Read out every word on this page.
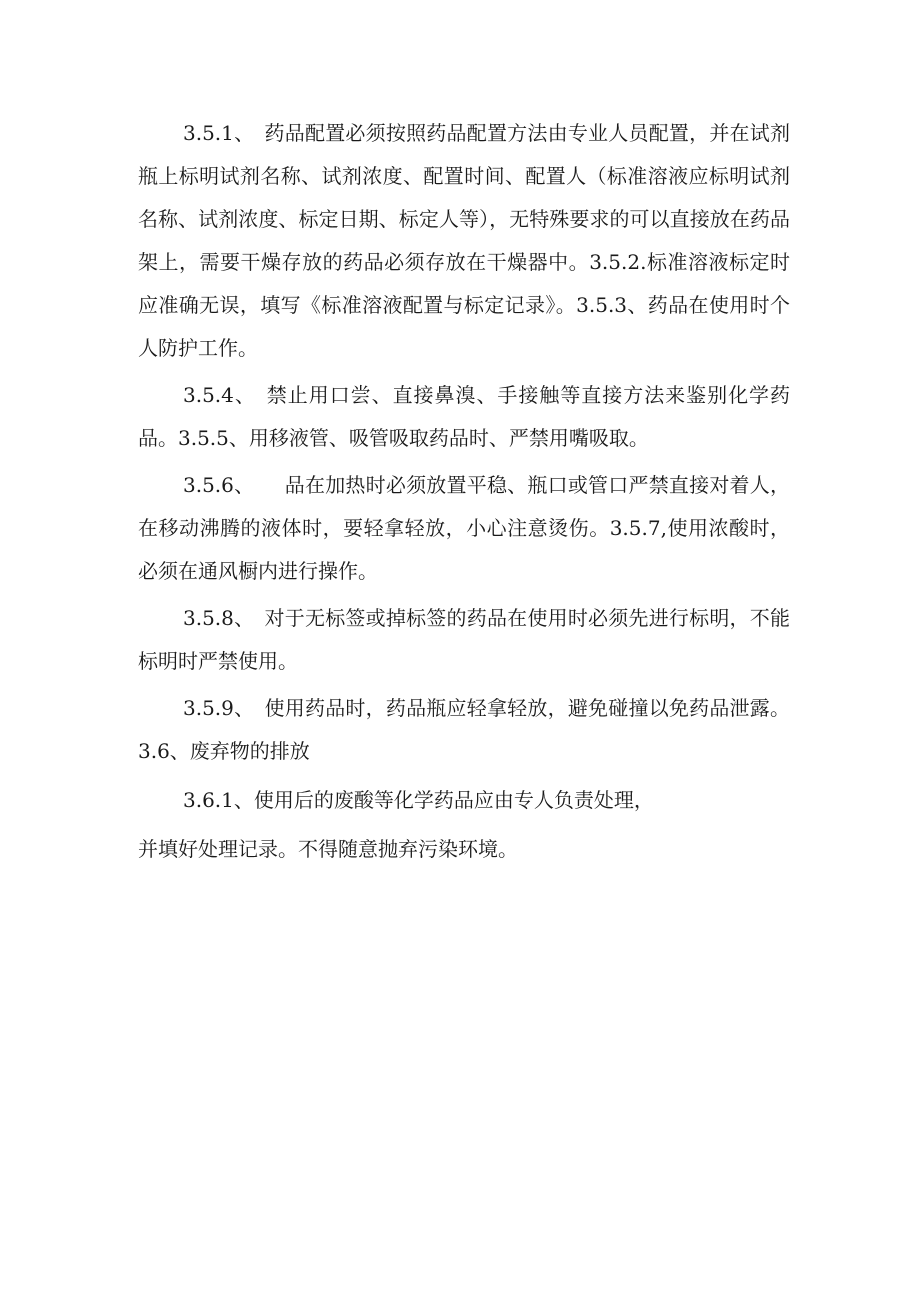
3.5.1、　药品配置必须按照药品配置方法由专业人员配置，并在试剂瓶上标明试剂名称、试剂浓度、配置时间、配置人（标准溶液应标明试剂名称、试剂浓度、标定日期、标定人等），无特殊要求的可以直接放在药品架上，需要干燥存放的药品必须存放在干燥器中。3.5.2.标准溶液标定时应准确无误，填写《标准溶液配置与标定记录》。3.5.3、药品在使用时个人防护工作。

3.5.4、　禁止用口尝、直接鼻溴、手接触等直接方法来鉴别化学药品。3.5.5、用移液管、吸管吸取药品时、严禁用嘴吸取。

3.5.6、　　品在加热时必须放置平稳、瓶口或管口严禁直接对着人，在移动沸腾的液体时，要轻拿轻放，小心注意烫伤。3.5.7,使用浓酸时，必须在通风橱内进行操作。

3.5.8、　对于无标签或掉标签的药品在使用时必须先进行标明，不能标明时严禁使用。

3.5.9、　使用药品时，药品瓶应轻拿轻放，避免碰撞以免药品泄露。3.6、废弃物的排放

3.6.1、使用后的废酸等化学药品应由专人负责处理，

并填好处理记录。不得随意抛弃污染环境。
